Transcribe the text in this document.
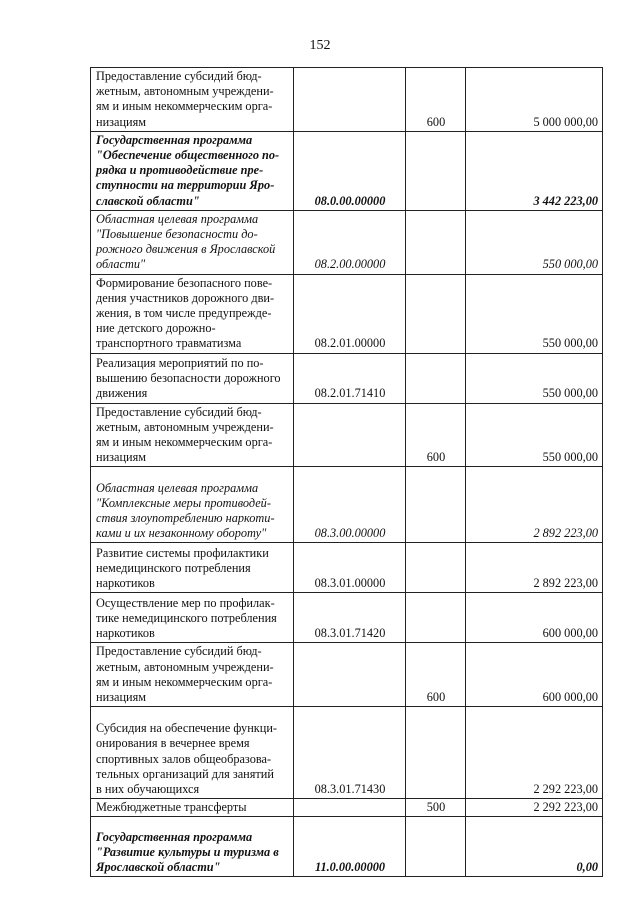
152
Предоставление субсидий бюд-
жетным, автономным учреждени-
ям и иным некоммерческим орга-
низациям		600	5 000 000,00
Государственная программа
"Обеспечение общественного по-
рядка и противодействие пре-
ступности на территории Яро-
славской области"	08.0.00.00000		3 442 223,00
Областная целевая программа
"Повышение безопасности до-
рожного движения в Ярославской
области"	08.2.00.00000		550 000,00
Формирование безопасного пове-
дения участников дорожного дви-
жения, в том числе предупрежде-
ние детского дорожно-
транспортного травматизма	08.2.01.00000		550 000,00
Реализация мероприятий по по-
вышению безопасности дорожного
движения	08.2.01.71410		550 000,00
Предоставление субсидий бюд-
жетным, автономным учреждени-
ям и иным некоммерческим орга-
низациям		600	550 000,00
Областная целевая программа
"Комплексные меры противодей-
ствия злоупотреблению наркоти-
ками и их незаконному обороту"	08.3.00.00000		2 892 223,00
Развитие системы профилактики
немедицинского потребления
наркотиков	08.3.01.00000		2 892 223,00
Осуществление мер по профилак-
тике немедицинского потребления
наркотиков	08.3.01.71420		600 000,00
Предоставление субсидий бюд-
жетным, автономным учреждени-
ям и иным некоммерческим орга-
низациям		600	600 000,00
Субсидия на обеспечение функци-
онирования в вечернее время
спортивных залов общеобразова-
тельных организаций для занятий
в них обучающихся	08.3.01.71430		2 292 223,00
Межбюджетные трансферты		500	2 292 223,00
Государственная программа
"Развитие культуры и туризма в
Ярославской области"	11.0.00.00000		0,00
